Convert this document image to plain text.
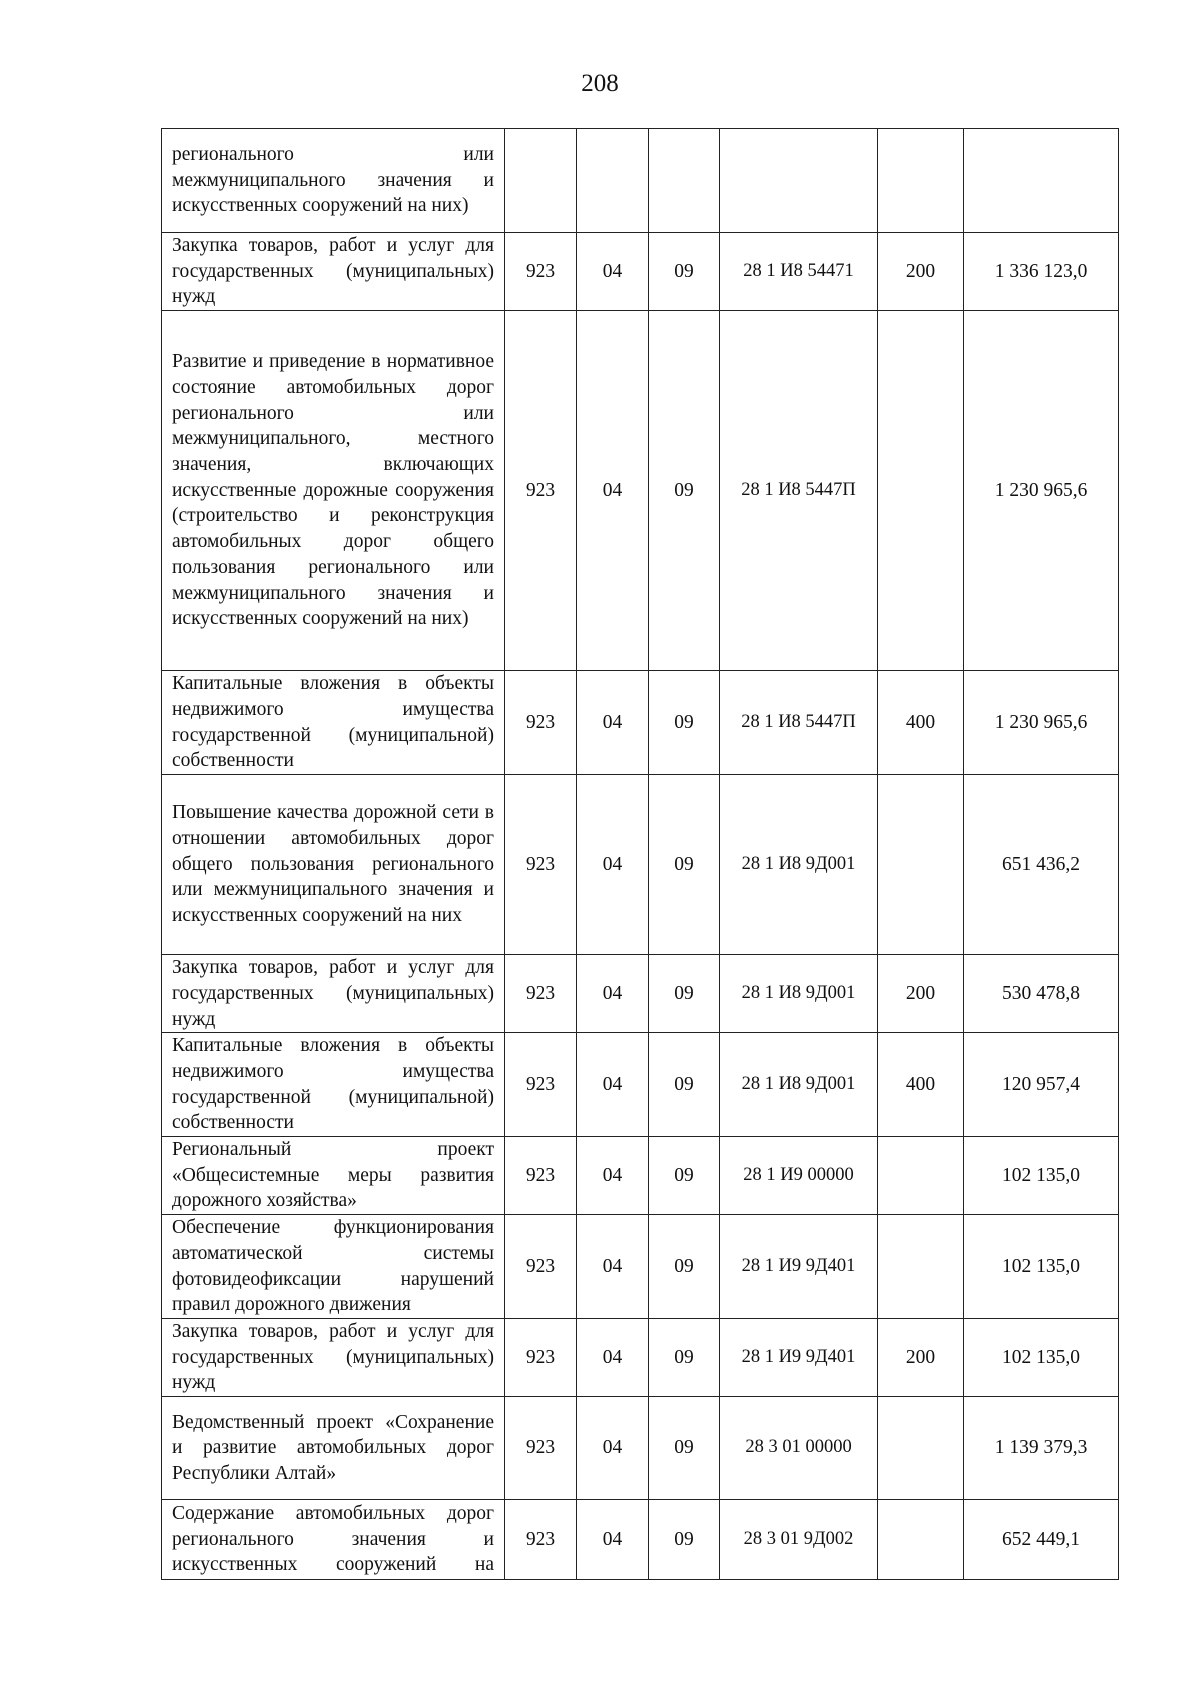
208
регионального или межмуниципального значения и искусственных сооружений на них)						

Закупка товаров, работ и услуг для государственных (муниципальных) нужд	923	04	09	28 1 И8 54471	200	1 336 123,0

Развитие и приведение в нормативное состояние автомобильных дорог регионального или межмуниципального, местного значения, включающих искусственные дорожные сооружения (строительство и реконструкция автомобильных дорог общего пользования регионального или межмуниципального значения и искусственных сооружений на них)	923	04	09	28 1 И8 5447П		1 230 965,6

Капитальные вложения в объекты недвижимого имущества государственной (муниципальной) собственности	923	04	09	28 1 И8 5447П	400	1 230 965,6

Повышение качества дорожной сети в отношении автомобильных дорог общего пользования регионального или межмуниципального значения и искусственных сооружений на них	923	04	09	28 1 И8 9Д001		651 436,2

Закупка товаров, работ и услуг для государственных (муниципальных) нужд	923	04	09	28 1 И8 9Д001	200	530 478,8

Капитальные вложения в объекты недвижимого имущества государственной (муниципальной) собственности	923	04	09	28 1 И8 9Д001	400	120 957,4

Региональный проект «Общесистемные меры развития дорожного хозяйства»	923	04	09	28 1 И9 00000		102 135,0

Обеспечение функционирования автоматической системы фотовидеофиксации нарушений правил дорожного движения	923	04	09	28 1 И9 9Д401		102 135,0

Закупка товаров, работ и услуг для государственных (муниципальных) нужд	923	04	09	28 1 И9 9Д401	200	102 135,0

Ведомственный проект «Сохранение и развитие автомобильных дорог Республики Алтай»	923	04	09	28 3 01 00000		1 139 379,3

Содержание автомобильных дорог регионального значения и искусственных сооружений на	923	04	09	28 3 01 9Д002		652 449,1
